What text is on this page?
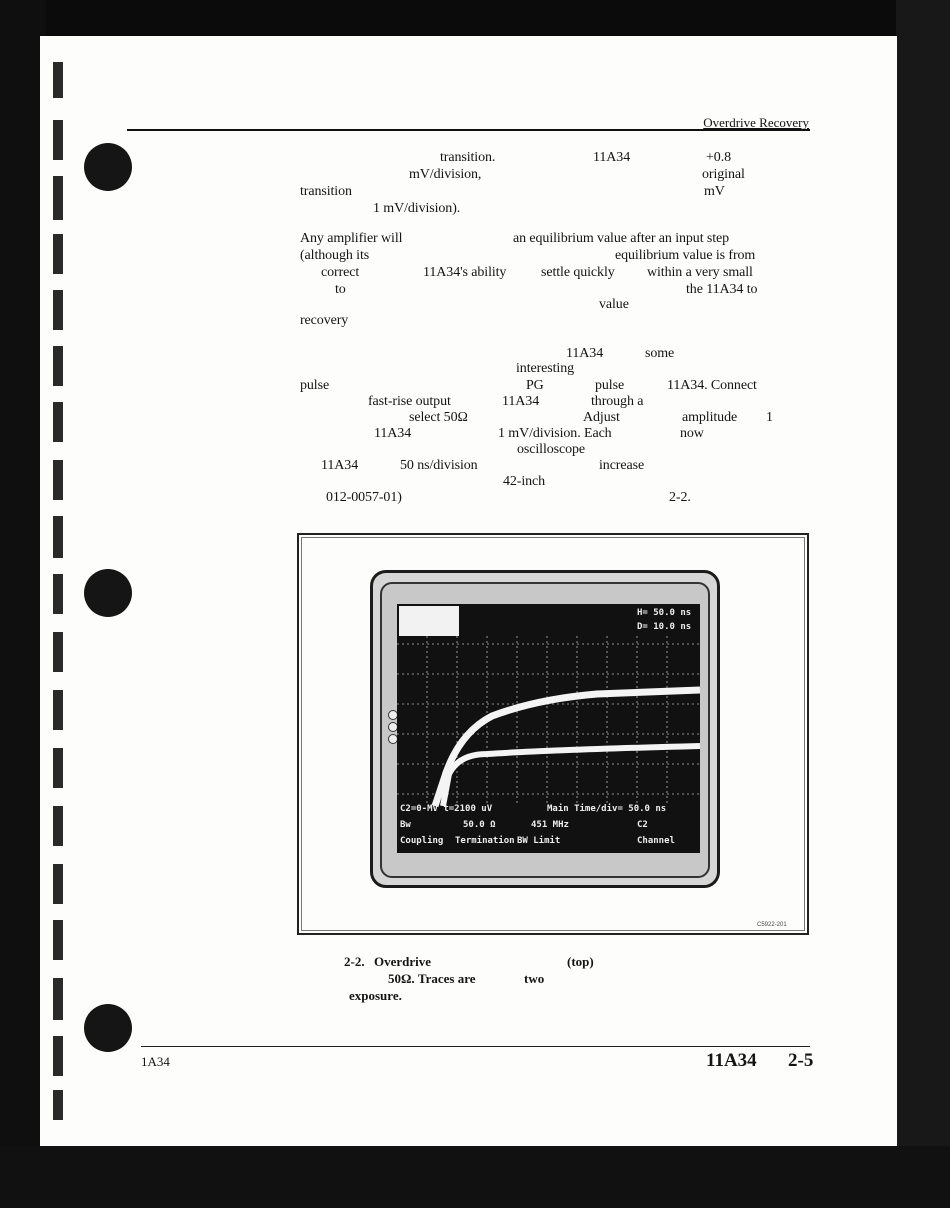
Overdrive Recovery
transition.	11A34	+0.8
mV/division,	original
transition	mV
1 mV/division).
Any amplifier will	an equilibrium value after an input step
(although its	equilibrium value is from
correct	11A34's ability settle quickly within a very small
to	the 11A34 to
recovery
value
11A34	some
interesting
pulse	PG	pulse	11A34. Connect
fast-rise output	11A34	through a
select 50Ω	Adjust	amplitude 1
11A34	1 mV/division. Each	now
oscilloscope
11A34	50 ns/division	increase
42-inch
012-0057-01)	2-2.
H= 50.0 ns
D= 10.0 ns
C2=0-MV t=2100 uV	Main Time/div= 50.0 ns
Bw	50.0 Ω	451 MHz	C2
Coupling Termination BW Limit	Channel
C5922-201
2-2. Overdrive	(top)
50Ω. Traces are	two
exposure.
1A34	11A34 2-5
